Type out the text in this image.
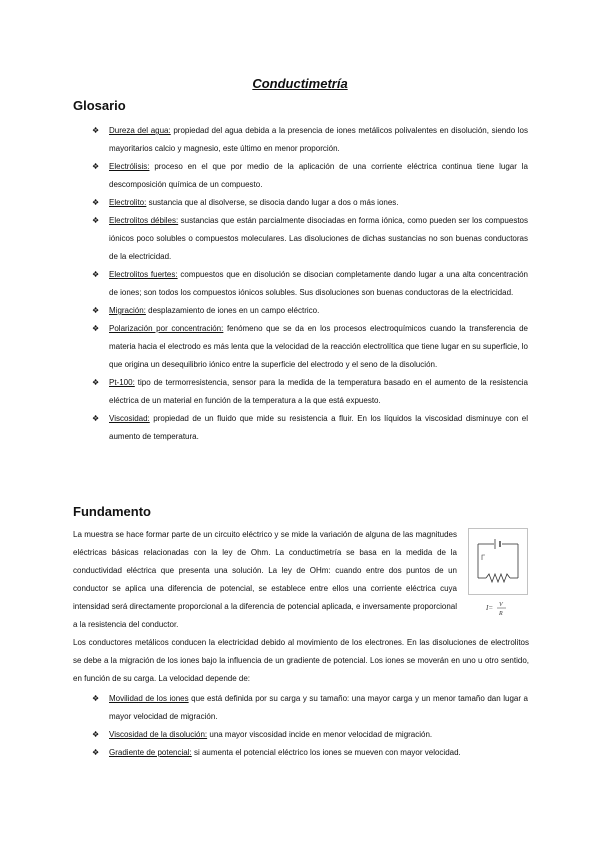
Conductimetría
Glosario
❖ Dureza del agua: propiedad del agua debida a la presencia de iones metálicos polivalentes en disolución, siendo los mayoritarios calcio y magnesio, este último en menor proporción.
❖ Electrólisis: proceso en el que por medio de la aplicación de una corriente eléctrica continua tiene lugar la descomposición química de un compuesto.
❖ Electrolito: sustancia que al disolverse, se disocia dando lugar a dos o más iones.
❖ Electrolitos débiles: sustancias que están parcialmente disociadas en forma iónica, como pueden ser los compuestos iónicos poco solubles o compuestos moleculares. Las disoluciones de dichas sustancias no son buenas conductoras de la electricidad.
❖ Electrolitos fuertes: compuestos que en disolución se disocian completamente dando lugar a una alta concentración de iones; son todos los compuestos iónicos solubles. Sus disoluciones son buenas conductoras de la electricidad.
❖ Migración: desplazamiento de iones en un campo eléctrico.
❖ Polarización por concentración: fenómeno que se da en los procesos electroquímicos cuando la transferencia de materia hacia el electrodo es más lenta que la velocidad de la reacción electrolítica que tiene lugar en su superficie, lo que origina un desequilibrio iónico entre la superficie del electrodo y el seno de la disolución.
❖ Pt-100: tipo de termorresistencia, sensor para la medida de la temperatura basado en el aumento de la resistencia eléctrica de un material en función de la temperatura a la que está expuesto.
❖ Viscosidad: propiedad de un fluido que mide su resistencia a fluir. En los líquidos la viscosidad disminuye con el aumento de temperatura.
Fundamento

La muestra se hace formar parte de un circuito eléctrico y se mide la variación de alguna de las magnitudes eléctricas básicas relacionadas con la ley de Ohm. La conductimetría se basa en la medida de la conductividad eléctrica que presenta una solución. La ley de OHm: cuando entre dos puntos de un conductor se aplica una diferencia de potencial, se establece entre ellos una corriente eléctrica cuya intensidad será directamente proporcional a la diferencia de potencial aplicada, e inversamente proporcional a la resistencia del conductor.

I= V
R

Los conductores metálicos conducen la electricidad debido al movimiento de los electrones. En las disoluciones de electrolitos se debe a la migración de los iones bajo la influencia de un gradiente de potencial. Los iones se moverán en uno u otro sentido, en función de su carga. La velocidad depende de:

❖ Movilidad de los iones que está definida por su carga y su tamaño: una mayor carga y un menor tamaño dan lugar a mayor velocidad de migración.
❖ Viscosidad de la disolución: una mayor viscosidad incide en menor velocidad de migración.
❖ Gradiente de potencial: si aumenta el potencial eléctrico los iones se mueven con mayor velocidad.
